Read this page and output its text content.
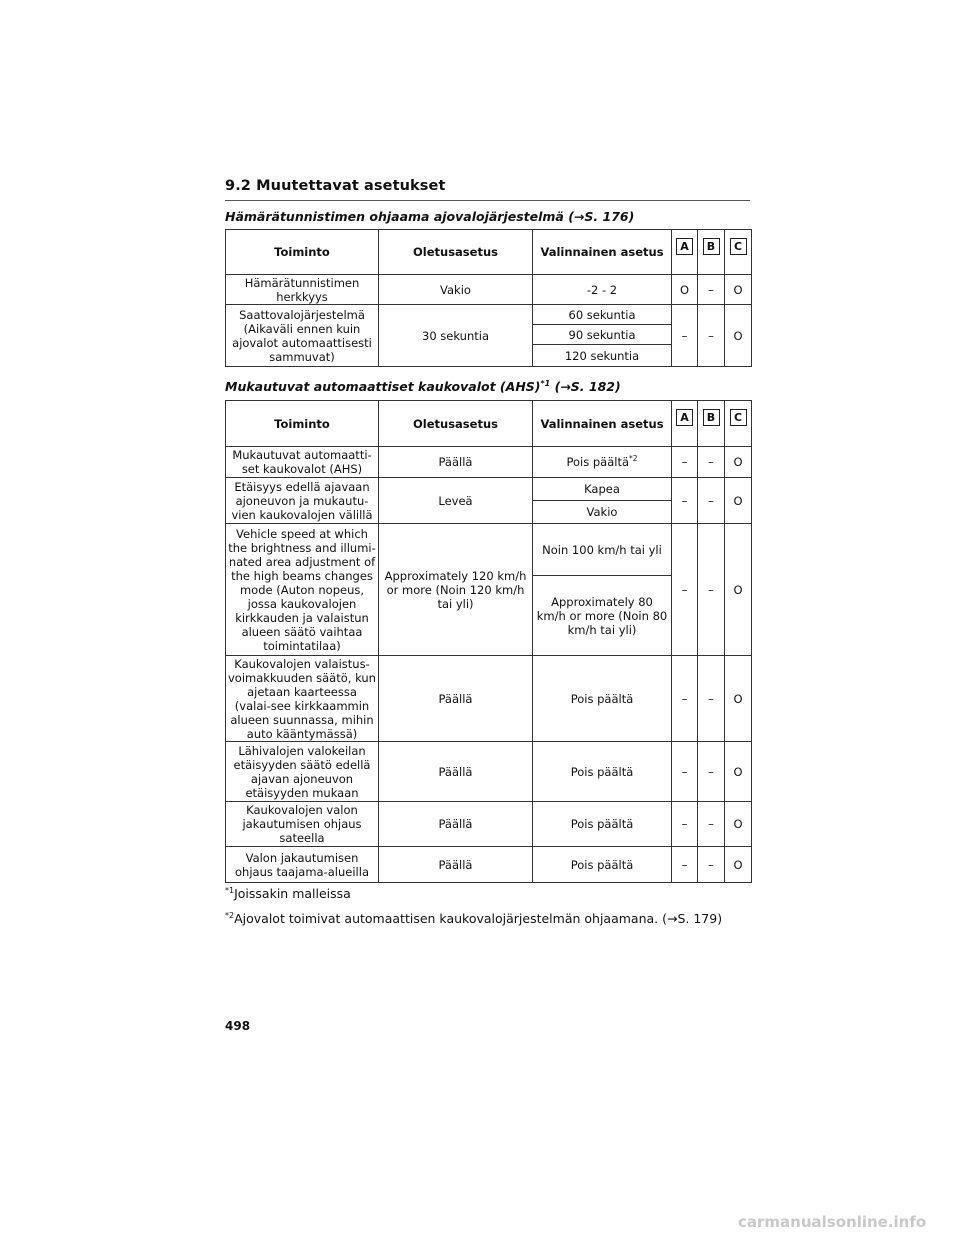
9.2 Muutettavat asetukset
Hämärätunnistimen ohjaama ajovalojärjestelmä (→S. 176)
Toiminto	Oletusasetus	Valinnainen asetus	A	B	C
Hämärätunnistimen herkkyys	Vakio	-2 - 2	O	–	O
Saattovalojärjestelmä (Aikaväli ennen kuin ajovalot automaattisesti sammuvat)	30 sekuntia	60 sekuntia	–	–	O
		90 sekuntia			
		120 sekuntia			
Mukautuvat automaattiset kaukovalot (AHS)$^{*1}$ (→S. 182)
Toiminto	Oletusasetus	Valinnainen asetus	A	B	C
Mukautuvat automaatti-set kaukovalot (AHS)	Päällä	Pois päältä$^{*2}$	–	–	O
Etäisyys edellä ajavaan ajoneuvon ja mukautu-vien kaukovalojen välillä	Leveä	Kapea	–	–	O
		Vakio			
Vehicle speed at which the brightness and illumi-nated area adjustment of the high beams changes mode (Auton nopeus, jossa kaukovalojen kirkkauden ja valaistun alueen säätö vaihtaa toimintatilaa)	Approximately 120 km/h or more (Noin 120 km/h tai yli)	Noin 100 km/h tai yli	–	–	O
		Approximately 80 km/h or more (Noin 80 km/h tai yli)			
Kaukovalojen valaistus-voimakkuuden säätö, kun ajetaan kaarteessa (valai-see kirkkaammin alueen suunnassa, mihin auto kääntymässä)	Päällä	Pois päältä	–	–	O
Lähivalojen valokeilan etäisyyden säätö edellä ajavan ajoneuvon etäisyyden mukaan	Päällä	Pois päältä	–	–	O
Kaukovalojen valon jakautumisen ohjaus sateella	Päällä	Pois päältä	–	–	O
Valon jakautumisen ohjaus taajama-alueilla	Päällä	Pois päältä	–	–	O
$^{*1}$Joissakin malleissa
$^{*2}$Ajovalot toimivat automaattisen kaukovalojärjestelmän ohjaamana. (→S. 179)
498
carmanualsonline.info
